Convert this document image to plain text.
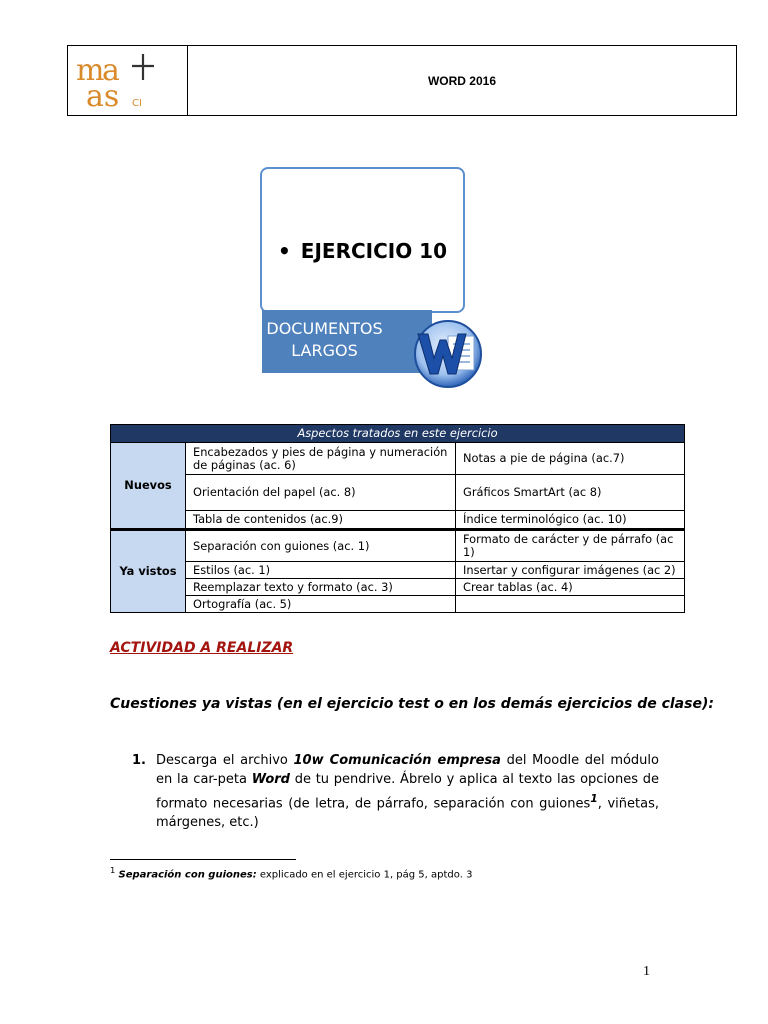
m
a
as CI
WORD 2016
• EJERCICIO 10
DOCUMENTOS
LARGOS
Aspectos tratados en este ejercicio		
Nuevos	Encabezados y pies de página y numeración de páginas (ac. 6)	Notas a pie de página (ac.7)
	Orientación del papel (ac. 8)	Gráficos SmartArt (ac 8)
	Tabla de contenidos (ac.9)	Índice terminológico (ac. 10)
Ya vistos	Separación con guiones (ac. 1)	Formato de carácter y de párrafo (ac 1)
	Estilos (ac. 1)	Insertar y configurar imágenes (ac 2)
	Reemplazar texto y formato (ac. 3)	Crear tablas (ac. 4)
	Ortografía (ac. 5)	
ACTIVIDAD A REALIZAR
Cuestiones ya vistas (en el ejercicio test o en los demás ejercicios de clase):
1. Descarga el archivo 10w Comunicación empresa del Moodle del módulo en la car-peta Word de tu pendrive. Ábrelo y aplica al texto las opciones de formato necesarias (de letra, de párrafo, separación con guiones$^1$, viñetas, márgenes, etc.)
$^1$ Separación con guiones: explicado en el ejercicio 1, pág 5, aptdo. 3
1
